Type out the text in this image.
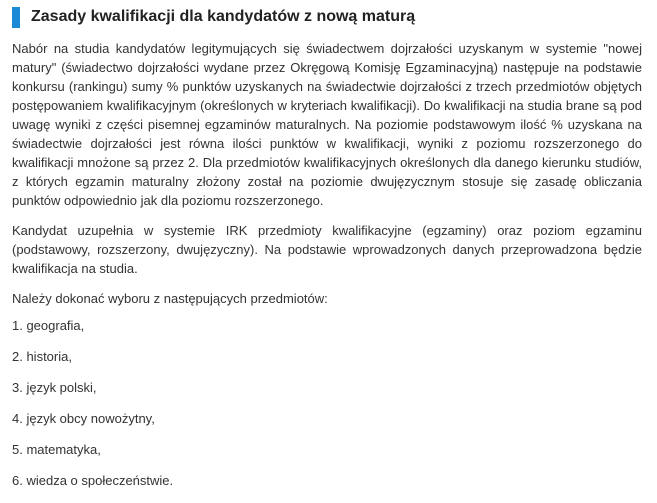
Zasady kwalifikacji dla kandydatów z nową maturą

Nabór na studia kandydatów legitymujących się świadectwem dojrzałości uzyskanym w systemie "nowej matury" (świadectwo dojrzałości wydane przez Okręgową Komisję Egzaminacyjną) następuje na podstawie konkursu (rankingu) sumy % punktów uzyskanych na świadectwie dojrzałości z trzech przedmiotów objętych postępowaniem kwalifikacyjnym (określonych w kryteriach kwalifikacji). Do kwalifikacji na studia brane są pod uwagę wyniki z części pisemnej egzaminów maturalnych. Na poziomie podstawowym ilość % uzyskana na świadectwie dojrzałości jest równa ilości punktów w kwalifikacji, wyniki z poziomu rozszerzonego do kwalifikacji mnożone są przez 2. Dla przedmiotów kwalifikacyjnych określonych dla danego kierunku studiów, z których egzamin maturalny złożony został na poziomie dwujęzycznym stosuje się zasadę obliczania punktów odpowiednio jak dla poziomu rozszerzonego.

Kandydat uzupełnia w systemie IRK przedmioty kwalifikacyjne (egzaminy) oraz poziom egzaminu (podstawowy, rozszerzony, dwujęzyczny). Na podstawie wprowadzonych danych przeprowadzona będzie kwalifikacja na studia.

Należy dokonać wyboru z następujących przedmiotów:

1. geografia,
2. historia,
3. język polski,
4. język obcy nowożytny,
5. matematyka,
6. wiedza o społeczeństwie.
